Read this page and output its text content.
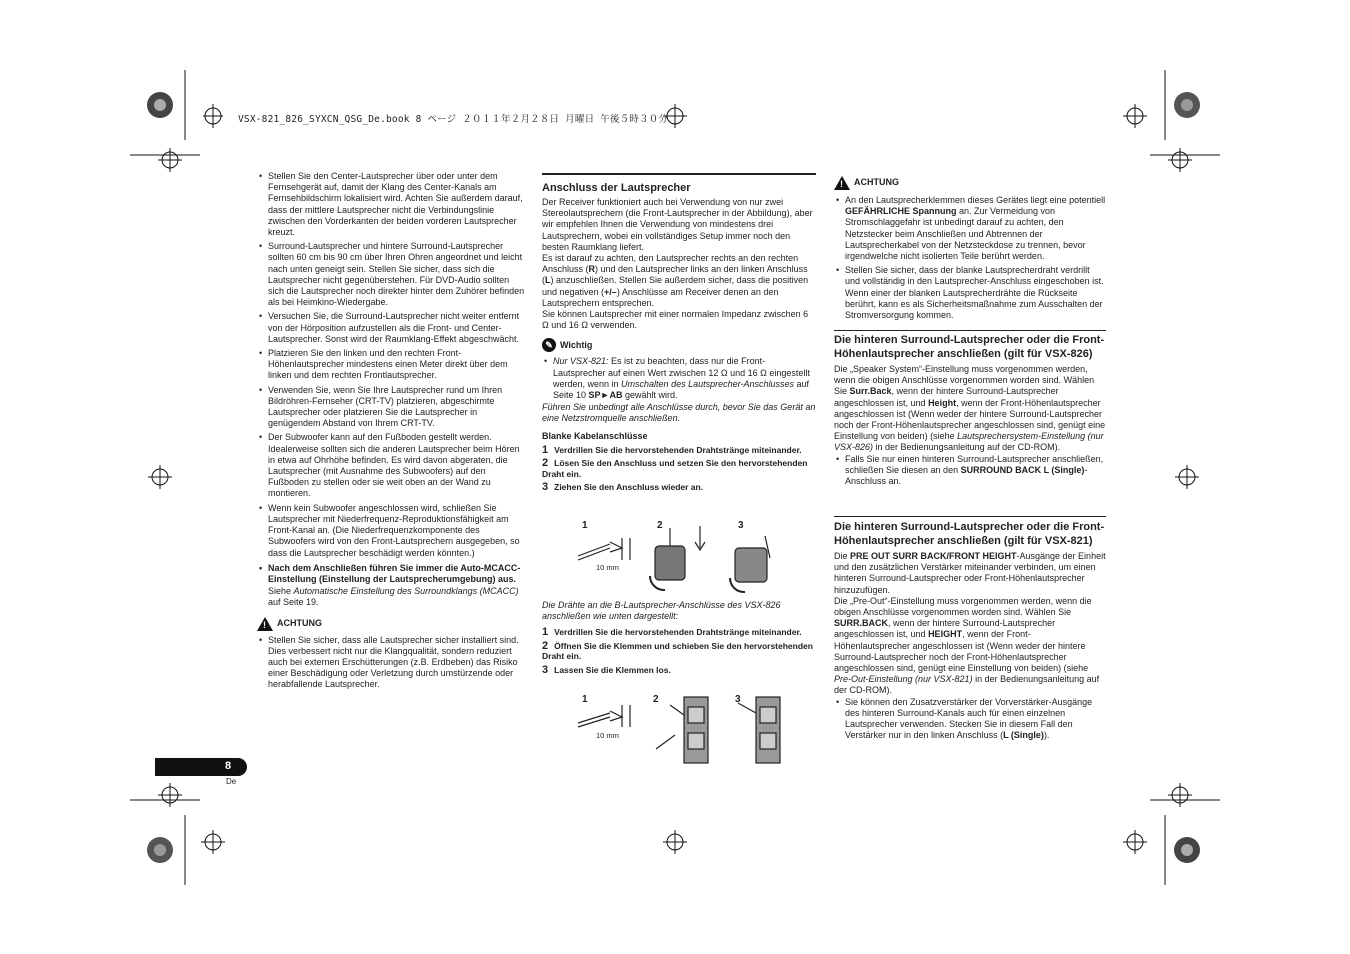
VSX-821_826_SYXCN_QSG_De.book 8 ページ ２０１１年２月２８日 月曜日 午後５時３０分
• Stellen Sie den Center-Lautsprecher über oder unter dem Fernsehgerät auf, damit der Klang des Center-Kanals am Fernsehbildschirm lokalisiert wird. Achten Sie außerdem darauf, dass der mittlere Lautsprecher nicht die Verbindungslinie zwischen den Vorderkanten der beiden vorderen Lautsprecher kreuzt.
• Surround-Lautsprecher und hintere Surround-Lautsprecher sollten 60 cm bis 90 cm über Ihren Ohren angeordnet und leicht nach unten geneigt sein. Stellen Sie sicher, dass sich die Lautsprecher nicht gegenüberstehen. Für DVD-Audio sollten sich die Lautsprecher noch direkter hinter dem Zuhörer befinden als bei Heimkino-Wiedergabe.
• Versuchen Sie, die Surround-Lautsprecher nicht weiter entfernt von der Hörposition aufzustellen als die Front- und Center-Lautsprecher. Sonst wird der Raumklang-Effekt abgeschwächt.
• Platzieren Sie den linken und den rechten Front-Höhenlautsprecher mindestens einen Meter direkt über dem linken und dem rechten Frontlautsprecher.
• Verwenden Sie, wenn Sie Ihre Lautsprecher rund um Ihren Bildröhren-Fernseher (CRT-TV) platzieren, abgeschirmte Lautsprecher oder platzieren Sie die Lautsprecher in genügendem Abstand von Ihrem CRT-TV.
• Der Subwoofer kann auf den Fußboden gestellt werden. Idealerweise sollten sich die anderen Lautsprecher beim Hören in etwa auf Ohrhöhe befinden. Es wird davon abgeraten, die Lautsprecher (mit Ausnahme des Subwoofers) auf den Fußboden zu stellen oder sie weit oben an der Wand zu montieren.
• Wenn kein Subwoofer angeschlossen wird, schließen Sie Lautsprecher mit Niederfrequenz-Reproduktionsfähigkeit am Front-Kanal an. (Die Niederfrequenzkomponente des Subwoofers wird von den Front-Lautsprechern ausgegeben, so dass die Lautsprecher beschädigt werden könnten.)
• Nach dem Anschließen führen Sie immer die Auto-MCACC-Einstellung (Einstellung der Lautsprecherumgebung) aus.

Siehe Automatische Einstellung des Surroundklangs (MCACC) auf Seite 19.

! ACHTUNG
• Stellen Sie sicher, dass alle Lautsprecher sicher installiert sind. Dies verbessert nicht nur die Klangqualität, sondern reduziert auch bei externen Erschütterungen (z.B. Erdbeben) das Risiko einer Beschädigung oder Verletzung durch umstürzende oder herabfallende Lautsprecher.
8
De
Anschluss der Lautsprecher

Der Receiver funktioniert auch bei Verwendung von nur zwei Stereolautsprechern (die Front-Lautsprecher in der Abbildung), aber wir empfehlen Ihnen die Verwendung von mindestens drei Lautsprechern, wobei ein vollständiges Setup immer noch den besten Raumklang liefert.

Es ist darauf zu achten, den Lautsprecher rechts an den rechten Anschluss (R) und den Lautsprecher links an den linken Anschluss (L) anzuschließen. Stellen Sie außerdem sicher, dass die positiven und negativen (+/–) Anschlüsse am Receiver denen an den Lautsprechern entsprechen.

Sie können Lautsprecher mit einer normalen Impedanz zwischen 6 Ω und 16 Ω verwenden.

✎ Wichtig
• Nur VSX-821: Es ist zu beachten, dass nur die Front-Lautsprecher auf einen Wert zwischen 12 Ω und 16 Ω eingestellt werden, wenn in Umschalten des Lautsprecher-Anschlusses auf Seite 10 SP►AB gewählt wird.

Führen Sie unbedingt alle Anschlüsse durch, bevor Sie das Gerät an eine Netzstromquelle anschließen.

Blanke Kabelanschlüsse
1 Verdrillen Sie die hervorstehenden Drahtstränge miteinander.
2 Lösen Sie den Anschluss und setzen Sie den hervorstehenden Draht ein.
3 Ziehen Sie den Anschluss wieder an.
1	2	3
10 mm

Die Drähte an die B-Lautsprecher-Anschlüsse des VSX-826 anschließen wie unten dargestellt:

1 Verdrillen Sie die hervorstehenden Drahtstränge miteinander.
2 Öffnen Sie die Klemmen und schieben Sie den hervorstehenden Draht ein.
3 Lassen Sie die Klemmen los.
1	2	3
10 mm
! ACHTUNG
• An den Lautsprecherklemmen dieses Gerätes liegt eine potentiell GEFÄHRLICHE Spannung an. Zur Vermeidung von Stromschlaggefahr ist unbedingt darauf zu achten, den Netzstecker beim Anschließen und Abtrennen der Lautsprecherkabel von der Netzsteckdose zu trennen, bevor irgendwelche nicht isolierten Teile berührt werden.
• Stellen Sie sicher, dass der blanke Lautsprecherdraht verdrillt und vollständig in den Lautsprecher-Anschluss eingeschoben ist. Wenn einer der blanken Lautsprecherdrähte die Rückseite berührt, kann es als Sicherheitsmaßnahme zum Ausschalten der Stromversorgung kommen.
Die hinteren Surround-Lautsprecher oder die Front-Höhenlautsprecher anschließen (gilt für VSX-826)

Die „Speaker System“-Einstellung muss vorgenommen werden, wenn die obigen Anschlüsse vorgenommen worden sind. Wählen Sie Surr.Back, wenn der hintere Surround-Lautsprecher angeschlossen ist, und Height, wenn der Front-Höhenlautsprecher angeschlossen ist (Wenn weder der hintere Surround-Lautsprecher noch der Front-Höhenlautsprecher angeschlossen sind, genügt eine Einstellung von beiden) (siehe Lautsprechersystem-Einstellung (nur VSX-826) in der Bedienungsanleitung auf der CD-ROM).

• Falls Sie nur einen hinteren Surround-Lautsprecher anschließen, schließen Sie diesen an den SURROUND BACK L (Single)-Anschluss an.
Die hinteren Surround-Lautsprecher oder die Front-Höhenlautsprecher anschließen (gilt für VSX-821)

Die PRE OUT SURR BACK/FRONT HEIGHT-Ausgänge der Einheit und den zusätzlichen Verstärker miteinander verbinden, um einen hinteren Surround-Lautsprecher oder Front-Höhenlautsprecher hinzuzufügen.

Die „Pre-Out“-Einstellung muss vorgenommen werden, wenn die obigen Anschlüsse vorgenommen worden sind. Wählen Sie SURR.BACK, wenn der hintere Surround-Lautsprecher angeschlossen ist, und HEIGHT, wenn der Front-Höhenlautsprecher angeschlossen ist (Wenn weder der hintere Surround-Lautsprecher noch der Front-Höhenlautsprecher angeschlossen sind, genügt eine Einstellung von beiden) (siehe Pre-Out-Einstellung (nur VSX-821) in der Bedienungsanleitung auf der CD-ROM).

• Sie können den Zusatzverstärker der Vorverstärker-Ausgänge des hinteren Surround-Kanals auch für einen einzelnen Lautsprecher verwenden. Stecken Sie in diesem Fall den Verstärker nur in den linken Anschluss (L (Single)).
